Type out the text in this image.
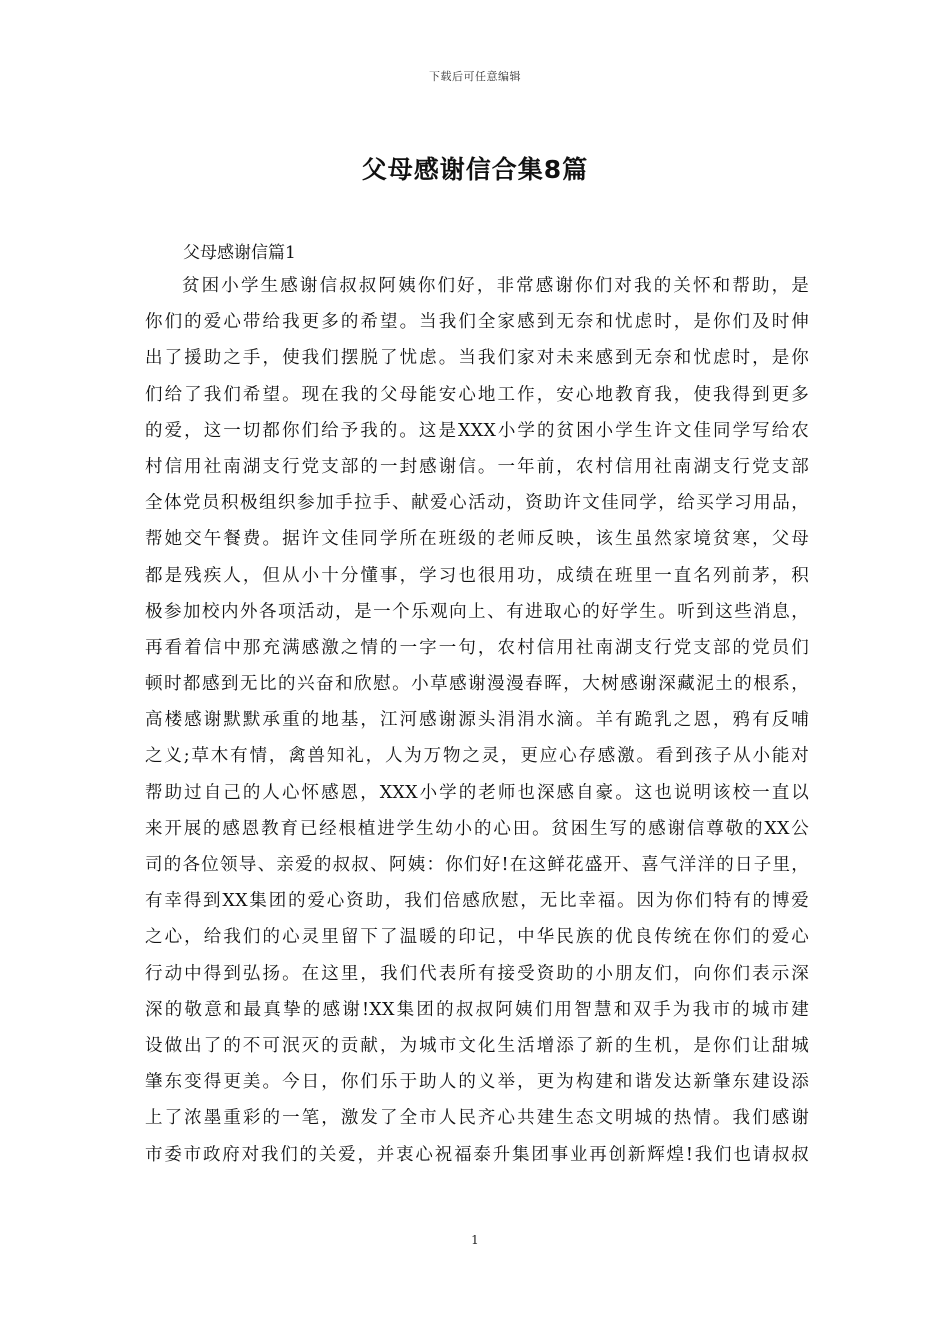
下载后可任意编辑
父母感谢信合集8篇
父母感谢信篇1
贫困小学生感谢信叔叔阿姨你们好，非常感谢你们对我的关怀和帮助，是
你们的爱心带给我更多的希望。当我们全家感到无奈和忧虑时，是你们及时伸
出了援助之手，使我们摆脱了忧虑。当我们家对未来感到无奈和忧虑时，是你
们给了我们希望。现在我的父母能安心地工作，安心地教育我，使我得到更多
的爱，这一切都你们给予我的。这是XXX小学的贫困小学生许文佳同学写给农
村信用社南湖支行党支部的一封感谢信。一年前，农村信用社南湖支行党支部
全体党员积极组织参加手拉手、献爱心活动，资助许文佳同学，给买学习用品，
帮她交午餐费。据许文佳同学所在班级的老师反映，该生虽然家境贫寒，父母
都是残疾人，但从小十分懂事，学习也很用功，成绩在班里一直名列前茅，积
极参加校内外各项活动，是一个乐观向上、有进取心的好学生。听到这些消息，
再看着信中那充满感激之情的一字一句，农村信用社南湖支行党支部的党员们
顿时都感到无比的兴奋和欣慰。小草感谢漫漫春晖，大树感谢深藏泥土的根系，
高楼感谢默默承重的地基，江河感谢源头涓涓水滴。羊有跪乳之恩，鸦有反哺
之义;草木有情，禽兽知礼，人为万物之灵，更应心存感激。看到孩子从小能对
帮助过自己的人心怀感恩，XXX小学的老师也深感自豪。这也说明该校一直以
来开展的感恩教育已经根植进学生幼小的心田。贫困生写的感谢信尊敬的XX公
司的各位领导、亲爱的叔叔、阿姨：你们好!在这鲜花盛开、喜气洋洋的日子里，
有幸得到XX集团的爱心资助，我们倍感欣慰，无比幸福。因为你们特有的博爱
之心，给我们的心灵里留下了温暖的印记，中华民族的优良传统在你们的爱心
行动中得到弘扬。在这里，我们代表所有接受资助的小朋友们，向你们表示深
深的敬意和最真挚的感谢!XX集团的叔叔阿姨们用智慧和双手为我市的城市建
设做出了的不可泯灭的贡献，为城市文化生活增添了新的生机，是你们让甜城
肇东变得更美。今日，你们乐于助人的义举，更为构建和谐发达新肇东建设添
上了浓墨重彩的一笔，激发了全市人民齐心共建生态文明城的热情。我们感谢
市委市政府对我们的关爱，并衷心祝福泰升集团事业再创新辉煌!我们也请叔叔
1
